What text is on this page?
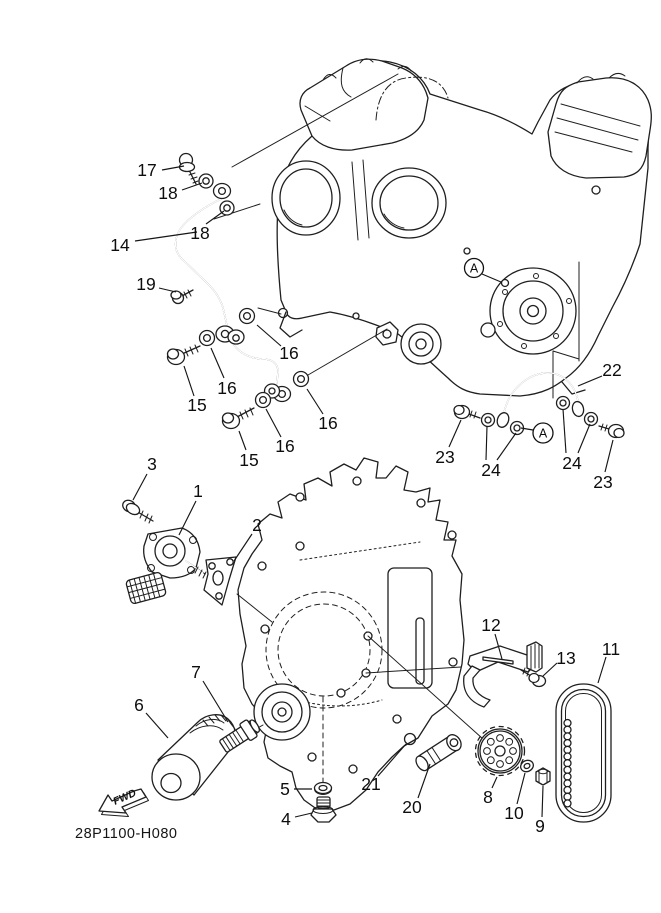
17
18
18
14
19
15
16
16
16
16
15
3
1
2
22
23
24	24
23
7
6
5
4
21
20	8
10
9
12
13 11
A
A
FWD
28P1100-H080
